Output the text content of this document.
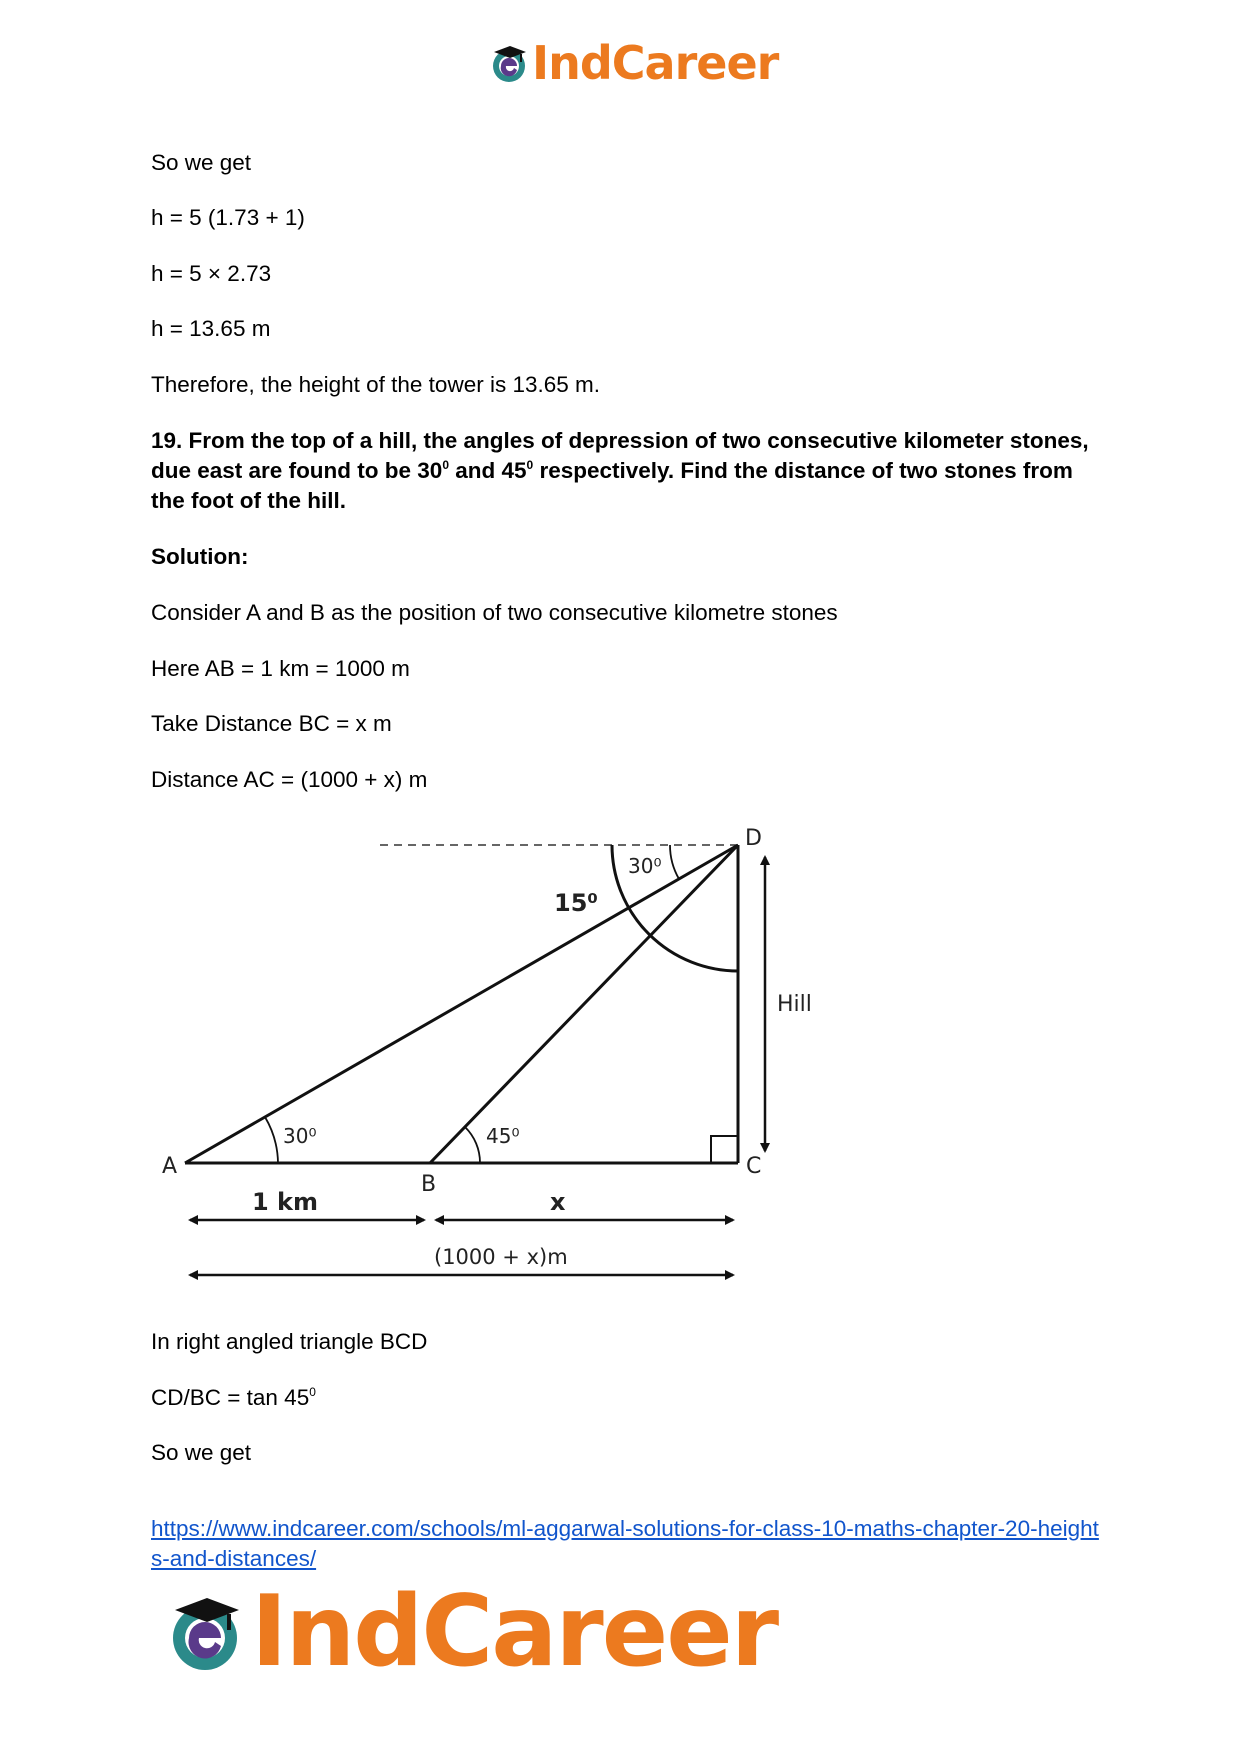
IndCareer

So we get

h = 5 (1.73 + 1)

h = 5 × 2.73

h = 13.65 m

Therefore, the height of the tower is 13.65 m.

19. From the top of a hill, the angles of depression of two consecutive kilometer stones, due east are found to be $30^0$ and $45^0$ respectively. Find the distance of two stones from the foot of the hill.

Solution:

Consider A and B as the position of two consecutive kilometre stones

Here AB = 1 km = 1000 m

Take Distance BC = x m

Distance AC = (1000 + x) m

A
B
C
D
Hill
30⁰	45⁰
30⁰
15⁰
1 km	x
(1000 + x)m

In right angled triangle BCD

$CD/BC = \tan 45^0$

So we get

https://www.indcareer.com/schools/ml-aggarwal-solutions-for-class-10-maths-chapter-20-heights-and-distances/
IndCareer
